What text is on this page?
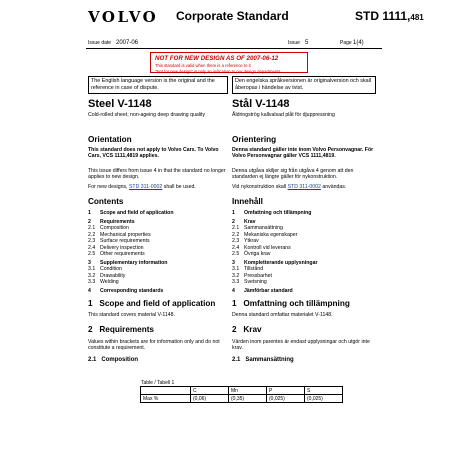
VOLVO Corporate Standard	STD 1111,481
Issue date 2007-06	Issue 5	Page 1(4)
NOT FOR NEW DESIGN AS OF 2007-06-12
This standard is valid when there is a reference to it
"Not for new design" is only an indication to our design departments.
The English language version is the original and the reference in case of dispute.
Den engelska språkversionen är originalversion och skall åberopas i händelse av tvist.
Steel V-1148
Cold-rolled sheet, non-ageing deep drawing quality
Orientation
This standard does not apply to Volvo Cars. To Volvo Cars, VCS 1111,4819 applies.
This issue differs from issue 4 in that the standard no longer applies to new design.
For new designs, STD 311-0002 shall be used.
Contents
1	Scope and field of application
2	Requirements
2.1 Composition
2.2 Mechanical properties
2.3 Surface requirements
2.4 Delivery inspection
2.5 Other requirements
3	Supplementary information
3.1 Condition
3.2 Drawability
3.3 Welding
4	Corresponding standards
1 Scope and field of application
This standard covers material V-1148.
2 Requirements
Values within brackets are for information only and do not constitute a requirement.
2.1 Composition
Stål V-1148
Åldringströg kallvalsad plåt för djuppressning
Orientering
Denna standard gäller inte inom Volvo Personvagnar. För Volvo Personvagnar gäller VCS 1111,4819.
Denna utgåva skiljer sig från utgåva 4 genom att den standarden ej längre gäller för nykonstruktion.
Vid nykonstruktion skall STD 311-0002 användas.
Innehåll
1	Omfattning och tillämpning
2	Krav
2.1 Sammansättning
2.2 Mekaniska egenskaper
2.3 Ytkrav
2.4 Kontroll vid leverans
2.5 Övriga krav
3	Kompletterande upplysningar
3.1 Tillstånd
3.2 Pressbarhet
3.3 Svetsning
4	Jämförbar standard
1 Omfattning och tillämpning
Denna standard omfattar materialet V-1148.
2 Krav
Värden inom parentes är endast upplysningar och utgör inte krav.
2.1 Sammansättning
Table / Tabell 1
	C	Mn	P	S
Max %	(0,06)	(0,35)	(0,025)	(0,025)
